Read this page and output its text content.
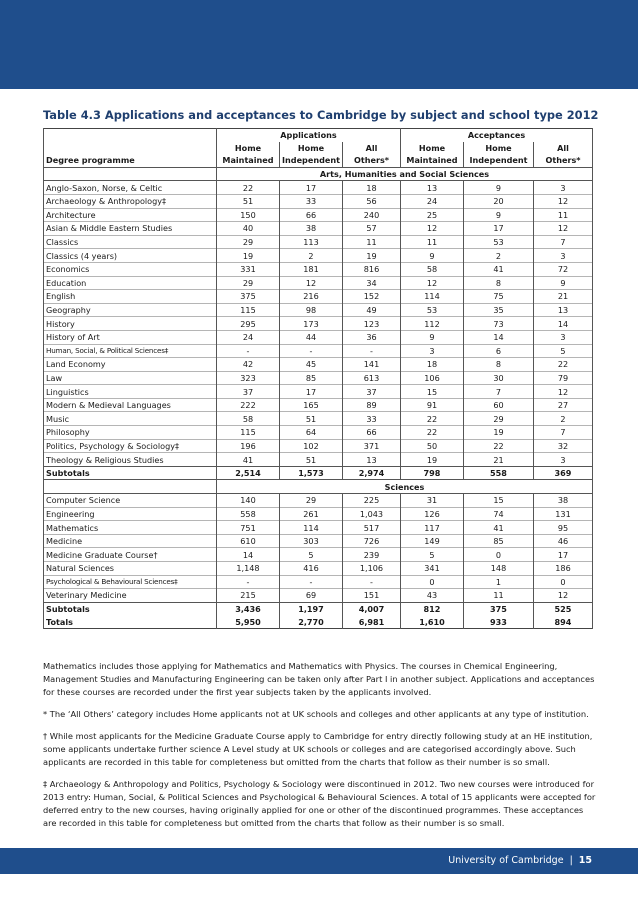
Table 4.3 Applications and acceptances to Cambridge by subject and school type 2012
	Applications			Acceptances		
	Home	Home	All	Home	Home	All
Degree programme	Maintained	Independent	Others*	Maintained	Independent	Others*
	Arts, Humanities and Social Sciences					
Anglo-Saxon, Norse, & Celtic	22	17	18	13	9	3
Archaeology & Anthropology‡	51	33	56	24	20	12
Architecture	150	66	240	25	9	11
Asian & Middle Eastern Studies	40	38	57	12	17	12
Classics	29	113	11	11	53	7
Classics (4 years)	19	2	19	9	2	3
Economics	331	181	816	58	41	72
Education	29	12	34	12	8	9
English	375	216	152	114	75	21
Geography	115	98	49	53	35	13
History	295	173	123	112	73	14
History of Art	24	44	36	9	14	3
Human, Social, & Political Sciences‡	-	-	-	3	6	5
Land Economy	42	45	141	18	8	22
Law	323	85	613	106	30	79
Linguistics	37	17	37	15	7	12
Modern & Medieval Languages	222	165	89	91	60	27
Music	58	51	33	22	29	2
Philosophy	115	64	66	22	19	7
Politics, Psychology & Sociology‡	196	102	371	50	22	32
Theology & Religious Studies	41	51	13	19	21	3
Subtotals	2,514	1,573	2,974	798	558	369
	Sciences					
Computer Science	140	29	225	31	15	38
Engineering	558	261	1,043	126	74	131
Mathematics	751	114	517	117	41	95
Medicine	610	303	726	149	85	46
Medicine Graduate Course†	14	5	239	5	0	17
Natural Sciences	1,148	416	1,106	341	148	186
Psychological & Behavioural Sciences‡	-	-	-	0	1	0
Veterinary Medicine	215	69	151	43	11	12
Subtotals	3,436	1,197	4,007	812	375	525
Totals	5,950	2,770	6,981	1,610	933	894

Mathematics includes those applying for Mathematics and Mathematics with Physics. The courses in Chemical Engineering, Management Studies and Manufacturing Engineering can be taken only after Part I in another subject. Applications and acceptances for these courses are recorded under the first year subjects taken by the applicants involved.

* The ‘All Others’ category includes Home applicants not at UK schools and colleges and other applicants at any type of institution.

† While most applicants for the Medicine Graduate Course apply to Cambridge for entry directly following study at an HE institution, some applicants undertake further science A Level study at UK schools or colleges and are categorised accordingly above. Such applicants are recorded in this table for completeness but omitted from the charts that follow as their number is so small.

‡ Archaeology & Anthropology and Politics, Psychology & Sociology were discontinued in 2012. Two new courses were introduced for 2013 entry: Human, Social, & Political Sciences and Psychological & Behavioural Sciences. A total of 15 applicants were accepted for deferred entry to the new courses, having originally applied for one or other of the discontinued programmes. These acceptances are recorded in this table for completeness but omitted from the charts that follow as their number is so small.

University of Cambridge | 15
